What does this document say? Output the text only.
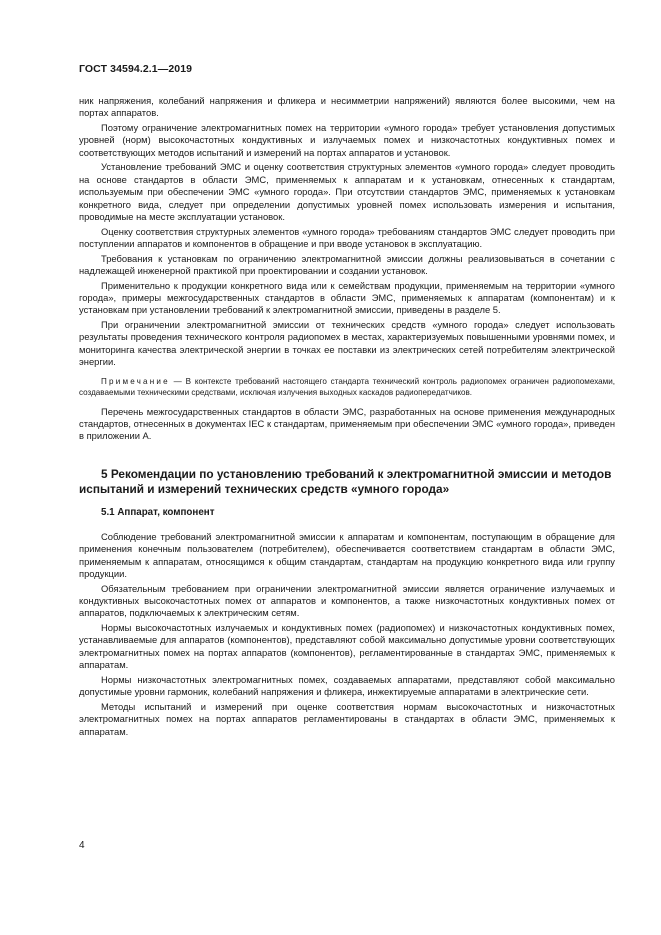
ГОСТ 34594.2.1—2019

ник напряжения, колебаний напряжения и фликера и несимметрии напряжений) являются более высокими, чем на портах аппаратов.

Поэтому ограничение электромагнитных помех на территории «умного города» требует установления допустимых уровней (норм) высокочастотных кондуктивных и излучаемых помех и низкочастотных кондуктивных помех и соответствующих методов испытаний и измерений на портах аппаратов и установок.

Установление требований ЭМС и оценку соответствия структурных элементов «умного города» следует проводить на основе стандартов в области ЭМС, применяемых к аппаратам и к установкам, отнесенных к стандартам, используемым при обеспечении ЭМС «умного города». При отсутствии стандартов ЭМС, применяемых к установкам конкретного вида, следует при определении допустимых уровней помех использовать измерения и испытания, проводимые на месте эксплуатации установок.

Оценку соответствия структурных элементов «умного города» требованиям стандартов ЭМС следует проводить при поступлении аппаратов и компонентов в обращение и при вводе установок в эксплуатацию.

Требования к установкам по ограничению электромагнитной эмиссии должны реализовываться в сочетании с надлежащей инженерной практикой при проектировании и создании установок.

Применительно к продукции конкретного вида или к семействам продукции, применяемым на территории «умного города», примеры межгосударственных стандартов в области ЭМС, применяемых к аппаратам (компонентам) и к установкам при установлении требований к электромагнитной эмиссии, приведены в разделе 5.

При ограничении электромагнитной эмиссии от технических средств «умного города» следует использовать результаты проведения технического контроля радиопомех в местах, характеризуемых повышенными уровнями помех, и мониторинга качества электрической энергии в точках ее поставки из электрических сетей потребителям электрической энергии.

Примечание — В контексте требований настоящего стандарта технический контроль радиопомех ограничен радиопомехами, создаваемыми техническими средствами, исключая излучения выходных каскадов радиопередатчиков.

Перечень межгосударственных стандартов в области ЭМС, разработанных на основе применения международных стандартов, отнесенных в документах IEC к стандартам, применяемым при обеспечении ЭМС «умного города», приведен в приложении А.

5 Рекомендации по установлению требований к электромагнитной эмиссии и методов испытаний и измерений технических средств «умного города»

5.1 Аппарат, компонент

Соблюдение требований электромагнитной эмиссии к аппаратам и компонентам, поступающим в обращение для применения конечным пользователем (потребителем), обеспечивается соответствием стандартам в области ЭМС, применяемым к аппаратам, относящимся к общим стандартам, стандартам на продукцию конкретного вида или группу продукции.

Обязательным требованием при ограничении электромагнитной эмиссии является ограничение излучаемых и кондуктивных высокочастотных помех от аппаратов и компонентов, а также низкочастотных кондуктивных помех от аппаратов, подключаемых к электрическим сетям.

Нормы высокочастотных излучаемых и кондуктивных помех (радиопомех) и низкочастотных кондуктивных помех, устанавливаемые для аппаратов (компонентов), представляют собой максимально допустимые уровни соответствующих электромагнитных помех на портах аппаратов (компонентов), регламентированные в стандартах ЭМС, применяемых к аппаратам.

Нормы низкочастотных электромагнитных помех, создаваемых аппаратами, представляют собой максимально допустимые уровни гармоник, колебаний напряжения и фликера, инжектируемые аппаратами в электрические сети.

Методы испытаний и измерений при оценке соответствия нормам высокочастотных и низкочастотных электромагнитных помех на портах аппаратов регламентированы в стандартах в области ЭМС, применяемых к аппаратам.

4
